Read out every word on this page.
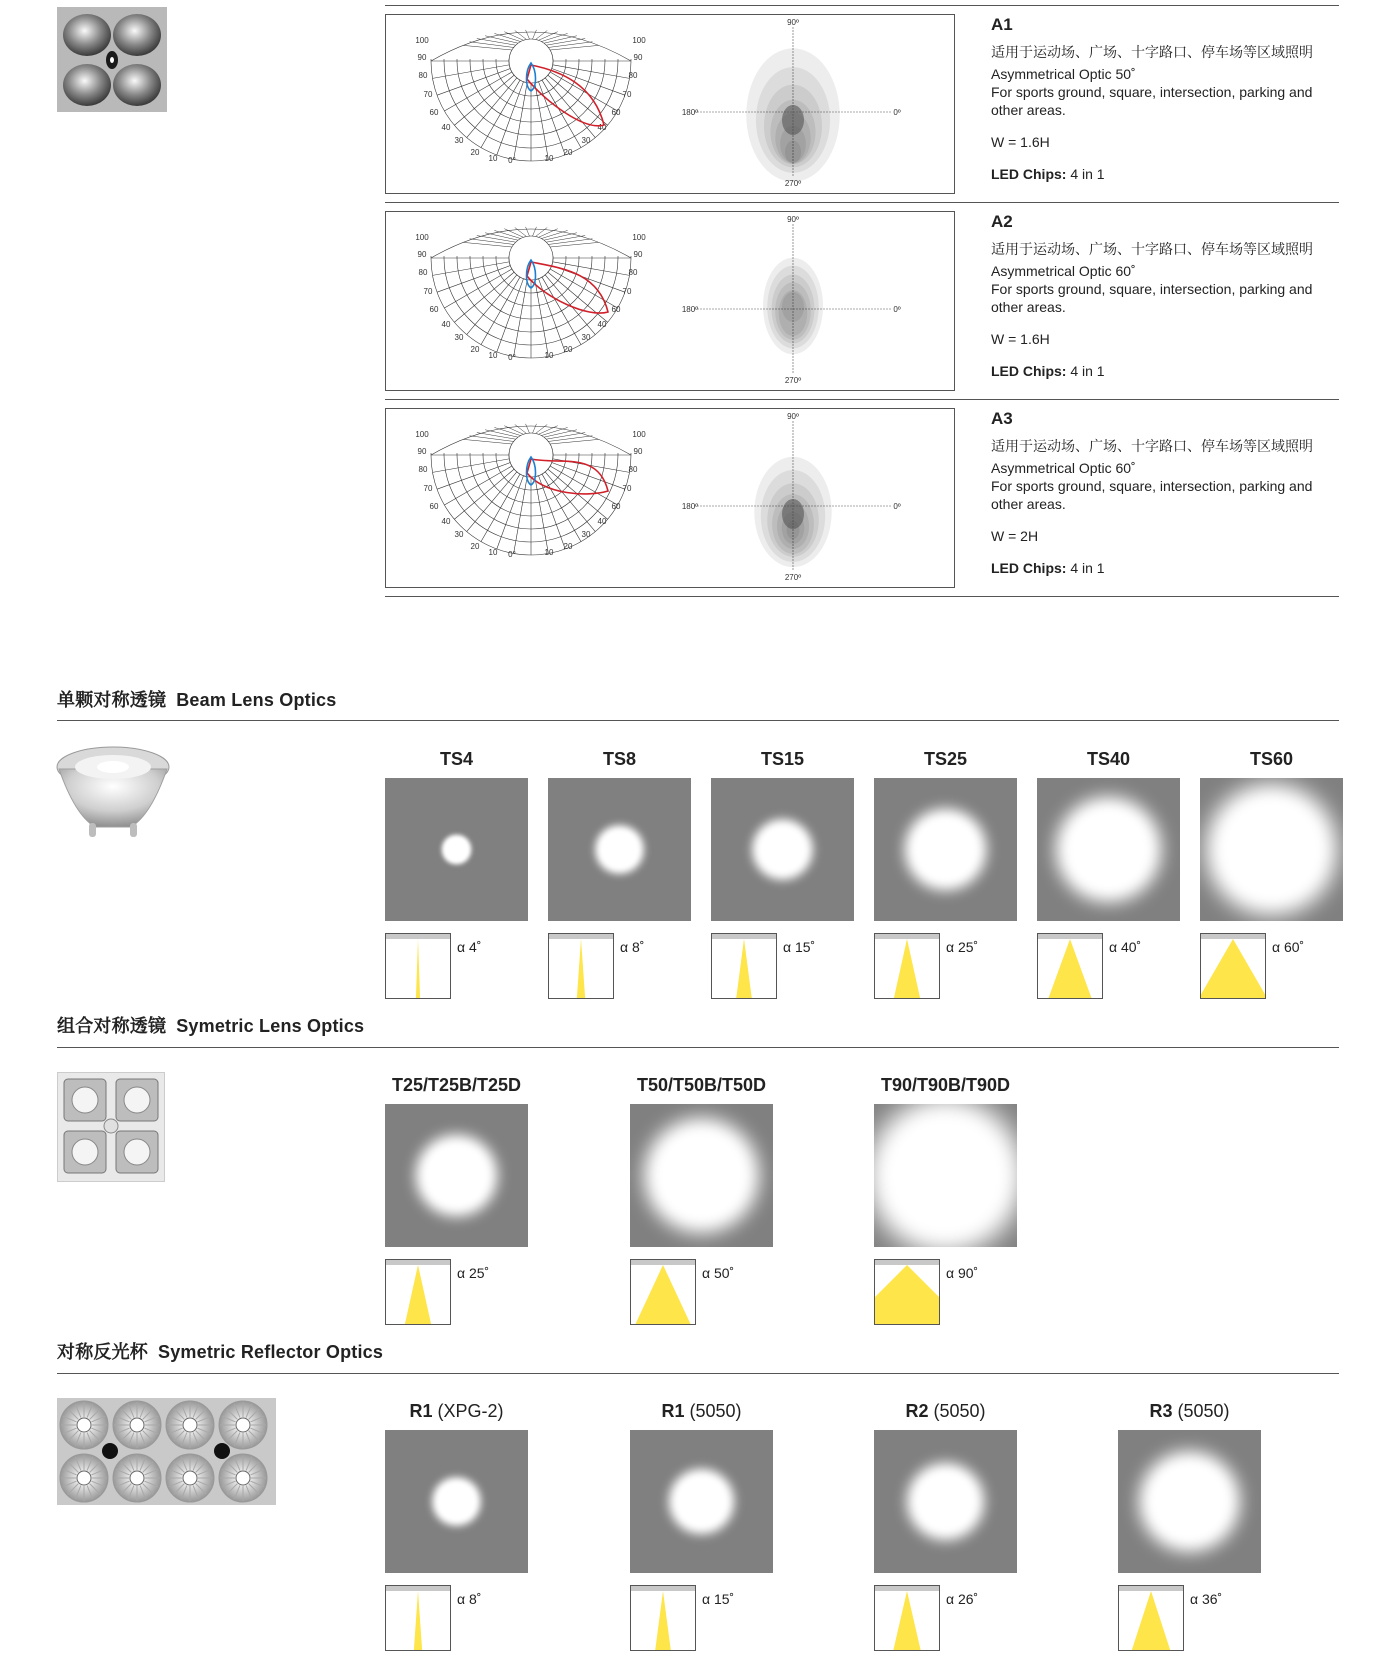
100
90
80
70
60
40
30
20
10 0°	10
20
30
40
60
70
80
90
100
90º
180º	0º
270º
A1
适用于运动场、广场、十字路口、停车场等区域照明
Asymmetrical Optic 50˚
For sports ground, square, intersection, parking and other areas.
W = 1.6H
LED Chips: 4 in 1
100
90
80
70
60
40
30
20
10 0°	10
20
30
40
60
70
80
90
100
90º
180º	0º
270º
A2
适用于运动场、广场、十字路口、停车场等区域照明
Asymmetrical Optic 60˚
For sports ground, square, intersection, parking and other areas.
W = 1.6H
LED Chips: 4 in 1
100
90
80
70
60
40
30
20
10 0°	10
20
30
40
60
70
80
90
100
90º
180º	0º
270º
A3
适用于运动场、广场、十字路口、停车场等区域照明
Asymmetrical Optic 60˚
For sports ground, square, intersection, parking and other areas.
W = 2H
LED Chips: 4 in 1
单颗对称透镜 Beam Lens Optics
TS4
α 4˚
TS8
α 8˚
TS15
α 15˚
TS25
α 25˚
TS40
α 40˚
TS60
α 60˚
组合对称透镜 Symetric Lens Optics
T25/T25B/T25D
α 25˚
T50/T50B/T50D
α 50˚
T90/T90B/T90D
α 90˚
对称反光杯 Symetric Reflector Optics
R1 (XPG-2)
α 8˚
R1 (5050)
α 15˚
R2 (5050)
α 26˚
R3 (5050)
α 36˚
